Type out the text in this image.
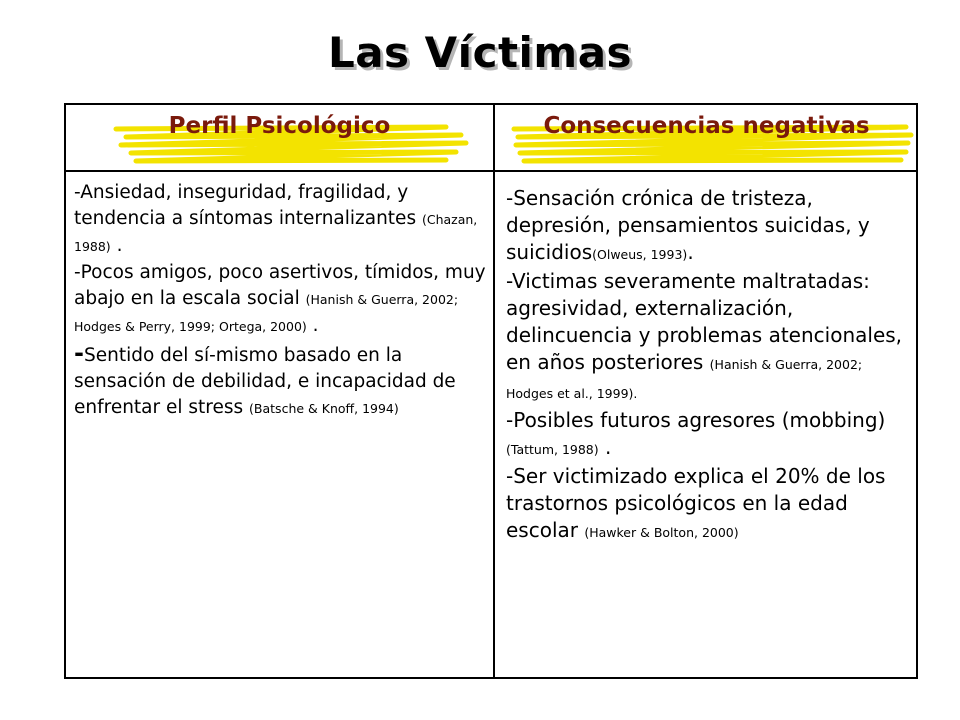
Las Víctimas
Perfil Psicológico	Consecuencias negativas

-Ansiedad, inseguridad, fragilidad, y tendencia a síntomas internalizantes (Chazan, 1988) .

-Pocos amigos, poco asertivos, tímidos, muy abajo en la escala social (Hanish & Guerra, 2002; Hodges & Perry, 1999; Ortega, 2000) .

-Sentido del sí-mismo basado en la sensación de debilidad, e incapacidad de enfrentar el stress (Batsche & Knoff, 1994)

-Sensación crónica de tristeza, depresión, pensamientos suicidas, y suicidios(Olweus, 1993).

-Victimas severamente maltratadas: agresividad, externalización, delincuencia y problemas atencionales, en años posteriores (Hanish & Guerra, 2002; Hodges et al., 1999).

-Posibles futuros agresores (mobbing) (Tattum, 1988) .

-Ser victimizado explica el 20% de los trastornos psicológicos en la edad escolar (Hawker & Bolton, 2000)
